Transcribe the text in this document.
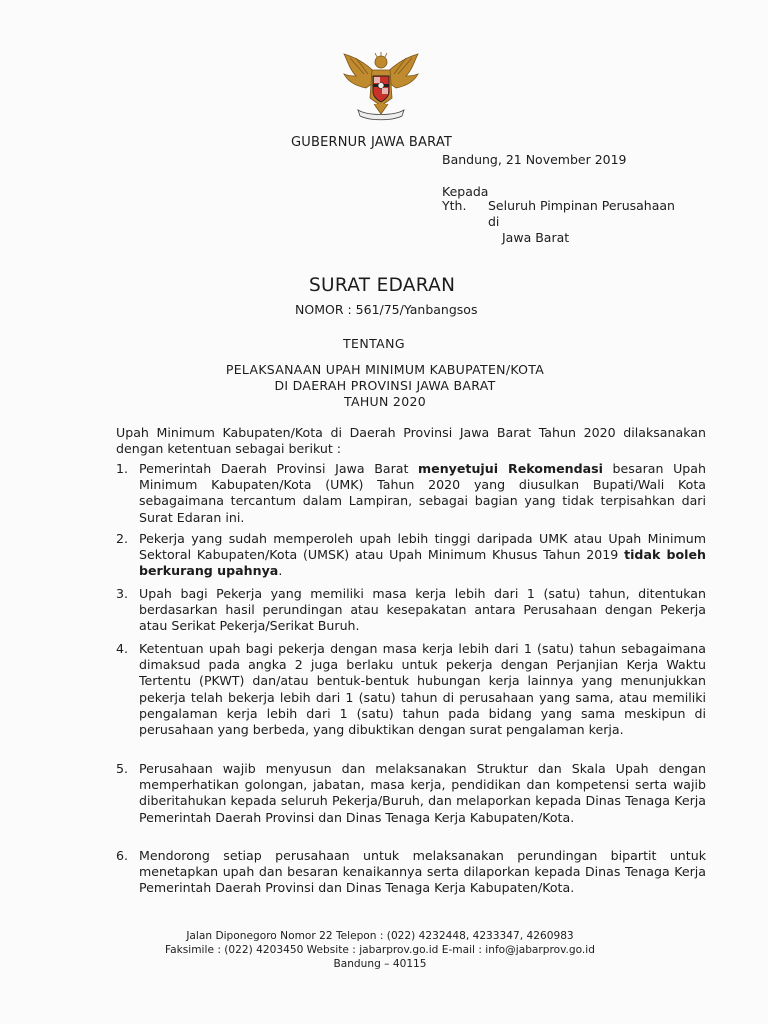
GUBERNUR JAWA BARAT
Bandung, 21 November 2019
Kepada
Yth. Seluruh Pimpinan Perusahaan
di
Jawa Barat
SURAT EDARAN
NOMOR : 561/75/Yanbangsos
TENTANG
PELAKSANAAN UPAH MINIMUM KABUPATEN/KOTA
DI DAERAH PROVINSI JAWA BARAT
TAHUN 2020
Upah Minimum Kabupaten/Kota di Daerah Provinsi Jawa Barat Tahun 2020 dilaksanakan dengan ketentuan sebagai berikut :
1. Pemerintah Daerah Provinsi Jawa Barat menyetujui Rekomendasi besaran Upah Minimum Kabupaten/Kota (UMK) Tahun 2020 yang diusulkan Bupati/Wali Kota sebagaimana tercantum dalam Lampiran, sebagai bagian yang tidak terpisahkan dari Surat Edaran ini.
2. Pekerja yang sudah memperoleh upah lebih tinggi daripada UMK atau Upah Minimum Sektoral Kabupaten/Kota (UMSK) atau Upah Minimum Khusus Tahun 2019 tidak boleh berkurang upahnya.
3. Upah bagi Pekerja yang memiliki masa kerja lebih dari 1 (satu) tahun, ditentukan berdasarkan hasil perundingan atau kesepakatan antara Perusahaan dengan Pekerja atau Serikat Pekerja/Serikat Buruh.
4. Ketentuan upah bagi pekerja dengan masa kerja lebih dari 1 (satu) tahun sebagaimana dimaksud pada angka 2 juga berlaku untuk pekerja dengan Perjanjian Kerja Waktu Tertentu (PKWT) dan/atau bentuk-bentuk hubungan kerja lainnya yang menunjukkan pekerja telah bekerja lebih dari 1 (satu) tahun di perusahaan yang sama, atau memiliki pengalaman kerja lebih dari 1 (satu) tahun pada bidang yang sama meskipun di perusahaan yang berbeda, yang dibuktikan dengan surat pengalaman kerja.
5. Perusahaan wajib menyusun dan melaksanakan Struktur dan Skala Upah dengan memperhatikan golongan, jabatan, masa kerja, pendidikan dan kompetensi serta wajib diberitahukan kepada seluruh Pekerja/Buruh, dan melaporkan kepada Dinas Tenaga Kerja Pemerintah Daerah Provinsi dan Dinas Tenaga Kerja Kabupaten/Kota.
6. Mendorong setiap perusahaan untuk melaksanakan perundingan bipartit untuk menetapkan upah dan besaran kenaikannya serta dilaporkan kepada Dinas Tenaga Kerja Pemerintah Daerah Provinsi dan Dinas Tenaga Kerja Kabupaten/Kota.
Jalan Diponegoro Nomor 22 Telepon : (022) 4232448, 4233347, 4260983
Faksimile : (022) 4203450 Website : jabarprov.go.id E-mail : info@jabarprov.go.id
Bandung – 40115
